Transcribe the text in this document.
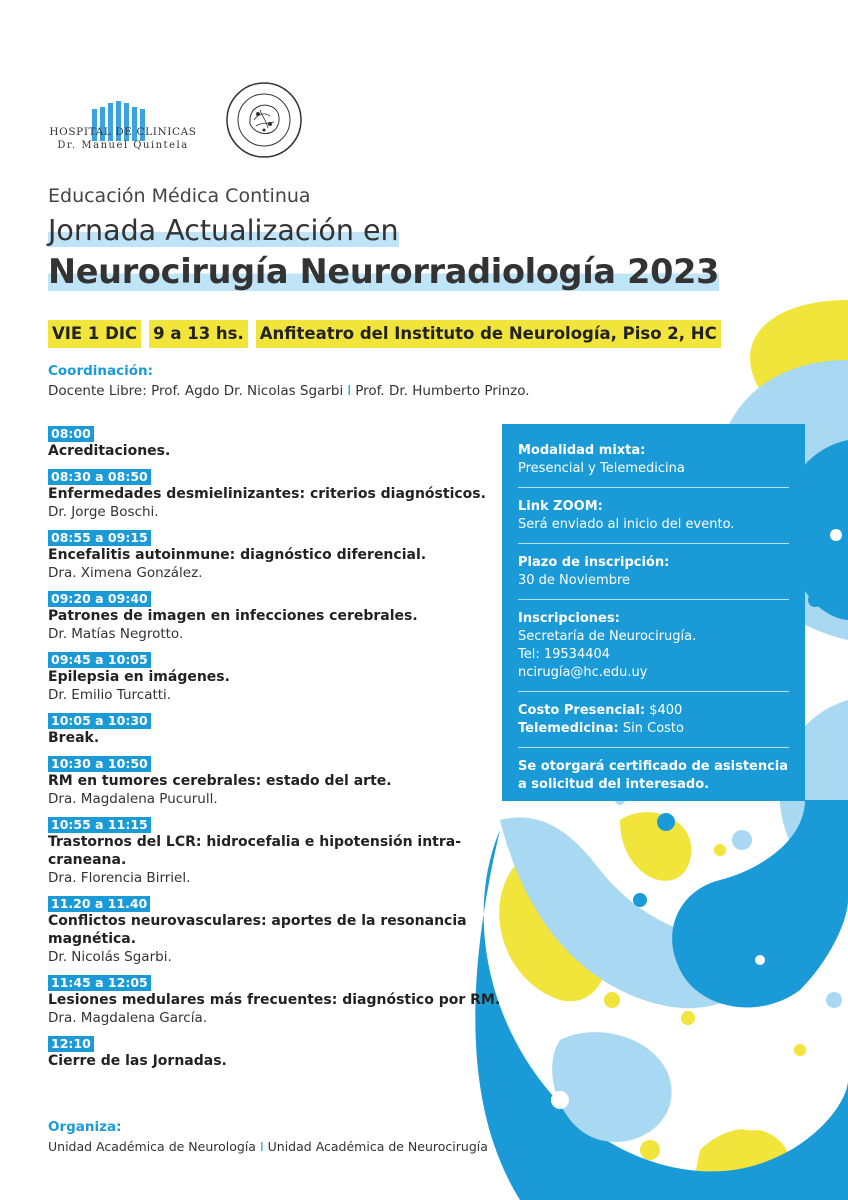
HOSPITAL DE CLINICAS
Dr. Manuel Quintela
Educación Médica Continua
Jornada Actualización en
Neurocirugía Neurorradiología 2023
VIE 1 DIC 9 a 13 hs. Anfiteatro del Instituto de Neurología, Piso 2, HC
Coordinación:
Docente Libre: Prof. Agdo Dr. Nicolas Sgarbi I Prof. Dr. Humberto Prinzo.
08:00
Acreditaciones.
08:30 a 08:50
Enfermedades desmielinizantes: criterios diagnósticos.
Dr. Jorge Boschi.
08:55 a 09:15
Encefalitis autoinmune: diagnóstico diferencial.
Dra. Ximena González.
09:20 a 09:40
Patrones de imagen en infecciones cerebrales.
Dr. Matías Negrotto.
09:45 a 10:05
Epilepsia en imágenes.
Dr. Emilio Turcatti.
10:05 a 10:30
Break.
10:30 a 10:50
RM en tumores cerebrales: estado del arte.
Dra. Magdalena Pucurull.
10:55 a 11:15
Trastornos del LCR: hidrocefalia e hipotensión intra-craneana.
Dra. Florencia Birriel.
11.20 a 11.40
Conflictos neurovasculares: aportes de la resonancia magnética.
Dr. Nicolás Sgarbi.
11:45 a 12:05
Lesiones medulares más frecuentes: diagnóstico por RM.
Dra. Magdalena García.
12:10
Cierre de las Jornadas.
Modalidad mixta:
Presencial y Telemedicina
Link ZOOM:
Será enviado al inicio del evento.
Plazo de inscripción:
30 de Noviembre
Inscripciones:
Secretaría de Neurocirugía.
Tel: 19534404
ncirugía@hc.edu.uy
Costo Presencial: $400
Telemedicina: Sin Costo
Se otorgará certificado de asistencia
a solicitud del interesado.
Organiza:
Unidad Académica de Neurología I Unidad Académica de Neurocirugía
